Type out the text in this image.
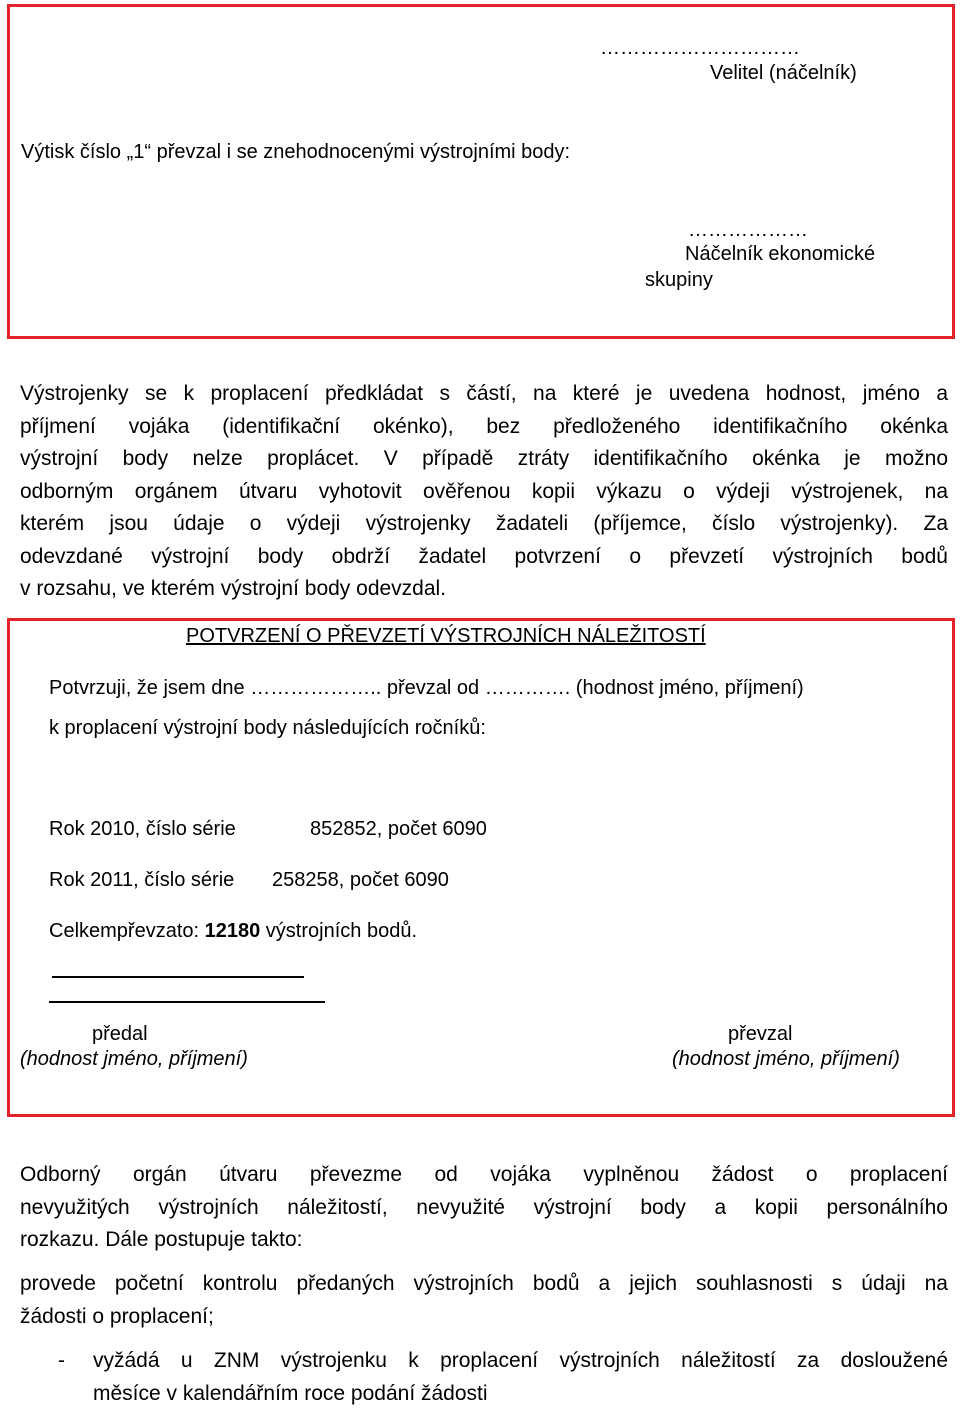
…………………………
Velitel (náčelník)
Výtisk číslo „1“ převzal i se znehodnocenými výstrojními body:
………………
Náčelník ekonomické
skupiny
Výstrojenky se k proplacení předkládat s částí, na které je uvedena hodnost, jméno a
příjmení vojáka (identifikační okénko), bez předloženého identifikačního okénka
výstrojní body nelze proplácet. V případě ztráty identifikačního okénka je možno
odborným orgánem útvaru vyhotovit ověřenou kopii výkazu o výdeji výstrojenek, na
kterém jsou údaje o výdeji výstrojenky žadateli (příjemce, číslo výstrojenky). Za
odevzdané výstrojní body obdrží žadatel potvrzení o převzetí výstrojních bodů
v rozsahu, ve kterém výstrojní body odevzdal.
POTVRZENÍ O PŘEVZETÍ VÝSTROJNÍCH NÁLEŽITOSTÍ
Potvrzuji, že jsem dne ……………….. převzal od …………. (hodnost jméno, příjmení)
k proplacení výstrojní body následujících ročníků:
Rok 2010, číslo série	852852, počet 6090
Rok 2011, číslo série 258258, počet 6090
Celkempřevzato: 12180 výstrojních bodů.
předal
(hodnost jméno, příjmení)
převzal
(hodnost jméno, příjmení)
Odborný orgán útvaru převezme od vojáka vyplněnou žádost o proplacení
nevyužitých výstrojních náležitostí, nevyužité výstrojní body a kopii personálního
rozkazu. Dále postupuje takto:
provede početní kontrolu předaných výstrojních bodů a jejich souhlasnosti s údaji na
žádosti o proplacení;
- vyžádá u ZNM výstrojenku k proplacení výstrojních náležitostí za dosloužené
měsíce v kalendářním roce podání žádosti
